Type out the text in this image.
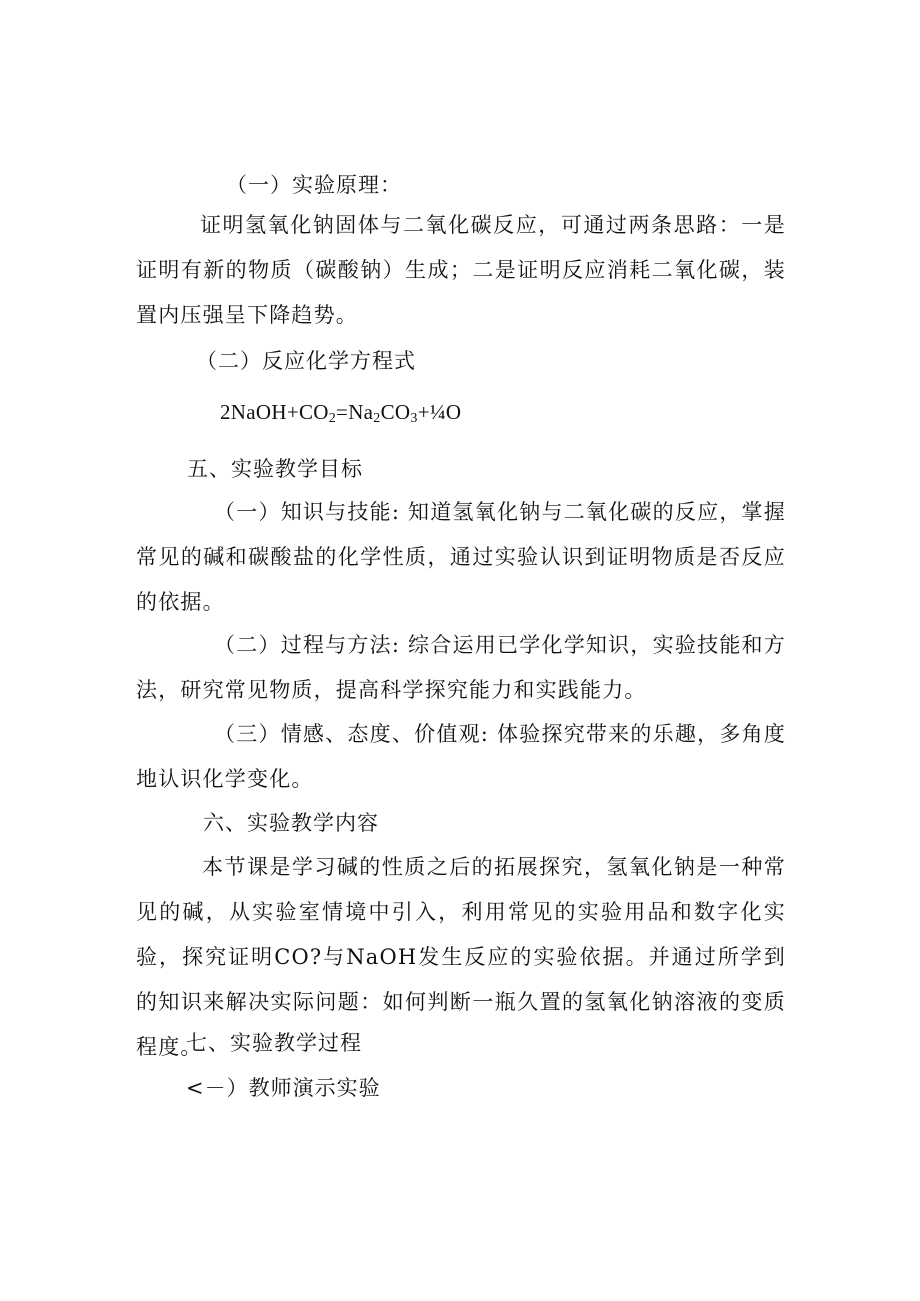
（一）实验原理：
证明氢氧化钠固体与二氧化碳反应，可通过两条思路：一是证明有新的物质（碳酸钠）生成；二是证明反应消耗二氧化碳，装置内压强呈下降趋势。
（二）反应化学方程式
$2NaOH+CO_2=Na_2CO_3+\frac{1}{4}O$
五、实验教学目标
（一）知识与技能: 知道氢氧化钠与二氧化碳的反应，掌握常见的碱和碳酸盐的化学性质，通过实验认识到证明物质是否反应的依据。
（二）过程与方法: 综合运用已学化学知识，实验技能和方法，研究常见物质，提高科学探究能力和实践能力。
（三）情感、态度、价值观: 体验探究带来的乐趣，多角度地认识化学变化。
六、实验教学内容
本节课是学习碱的性质之后的拓展探究，氢氧化钠是一种常见的碱，从实验室情境中引入，利用常见的实验用品和数字化实验，探究证明CO?与NaOH发生反应的实验依据。并通过所学到的知识来解决实际问题：如何判断一瓶久置的氢氧化钠溶液的变质程度。
七、实验教学过程
<－）教师演示实验
